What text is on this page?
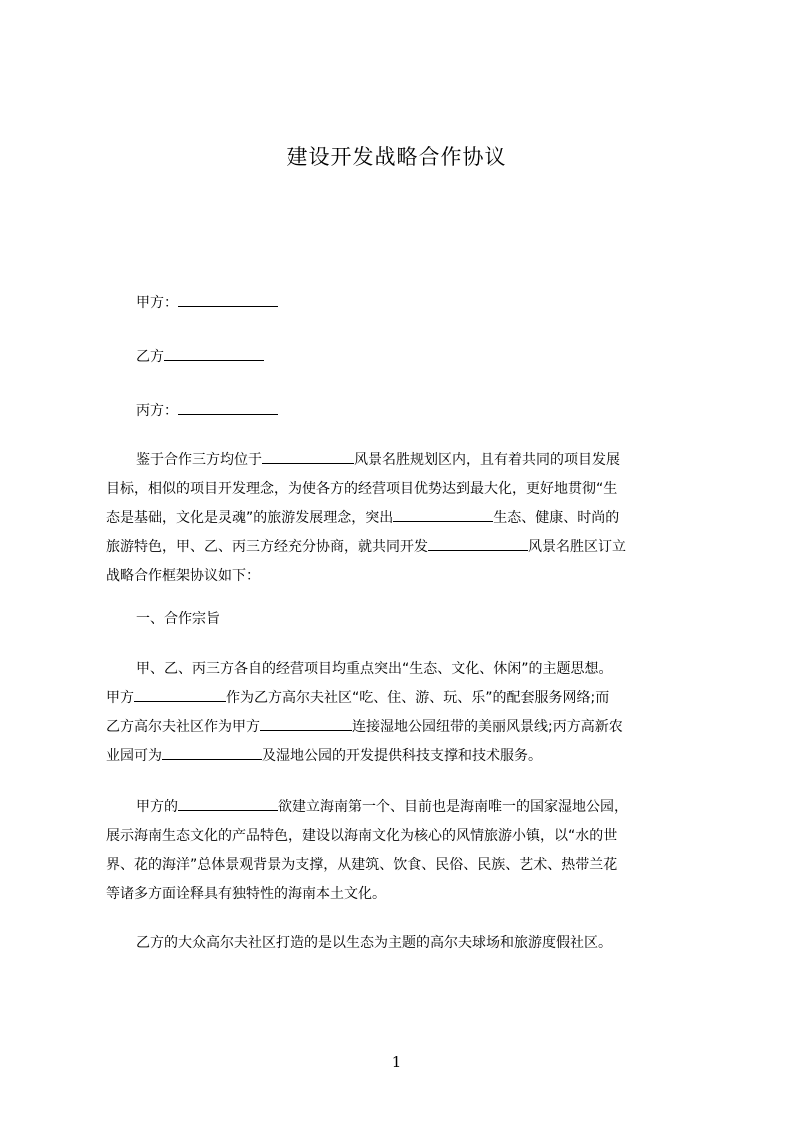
建设开发战略合作协议
甲方：
乙方
丙方：
鉴于合作三方均位于	风景名胜规划区内，且有着共同的项目发展
目标，相似的项目开发理念，为使各方的经营项目优势达到最大化，更好地贯彻“生
态是基础，文化是灵魂”的旅游发展理念，突出	生态、健康、时尚的
旅游特色，甲、乙、丙三方经充分协商，就共同开发	风景名胜区订立
战略合作框架协议如下：
一、合作宗旨
甲、乙、丙三方各自的经营项目均重点突出“生态、文化、休闲”的主题思想。
甲方	作为乙方高尔夫社区“吃、住、游、玩、乐”的配套服务网络;而
乙方高尔夫社区作为甲方	连接湿地公园纽带的美丽风景线;丙方高新农
业园可为	及湿地公园的开发提供科技支撑和技术服务。
甲方的	欲建立海南第一个、目前也是海南唯一的国家湿地公园，
展示海南生态文化的产品特色，建设以海南文化为核心的风情旅游小镇，以“水的世
界、花的海洋”总体景观背景为支撑，从建筑、饮食、民俗、民族、艺术、热带兰花
等诸多方面诠释具有独特性的海南本土文化。
乙方的大众高尔夫社区打造的是以生态为主题的高尔夫球场和旅游度假社区。
1
